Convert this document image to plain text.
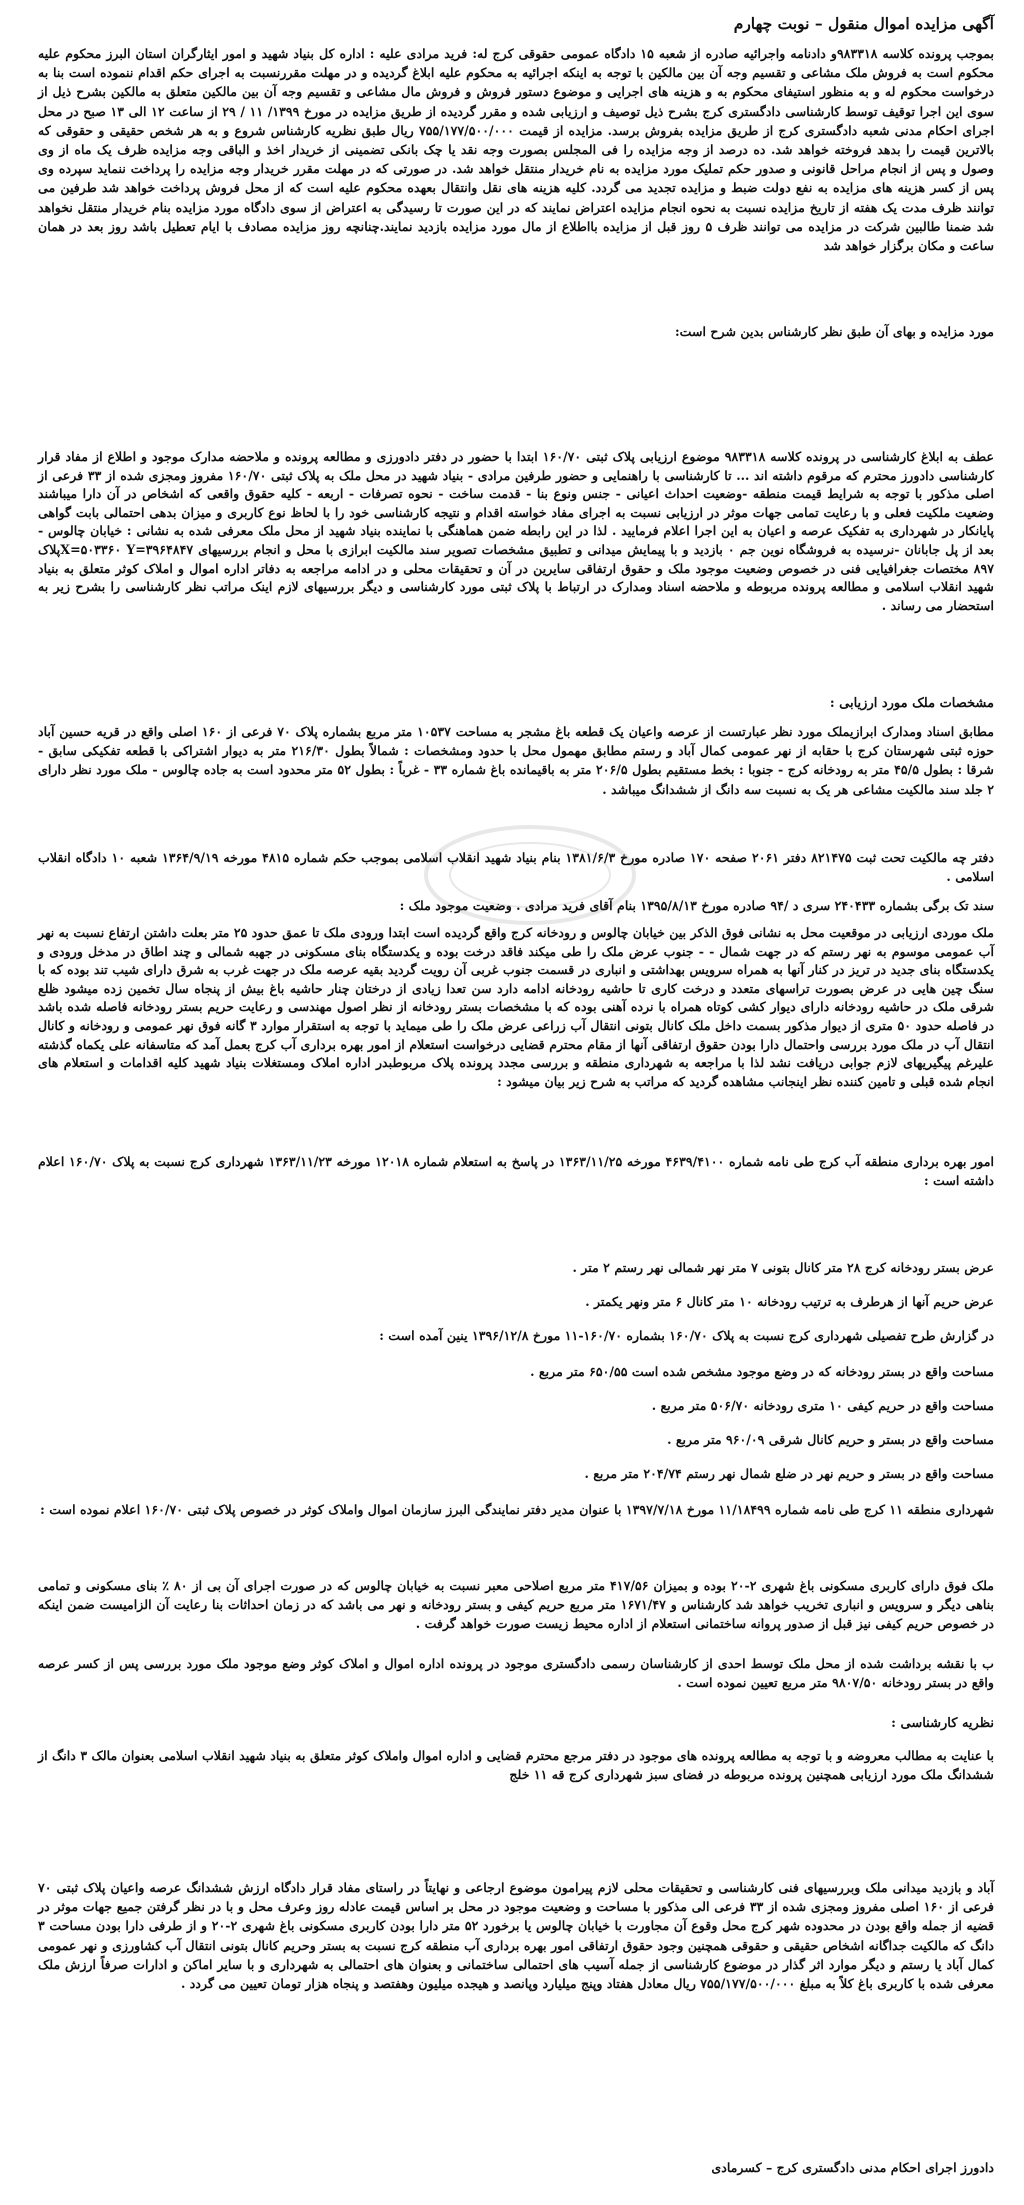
آگهی مزایده اموال منقول – نوبت چهارم
بموجب پرونده کلاسه ۹۸۳۳۱۸و دادنامه واجرائیه صادره از شعبه ۱۵ دادگاه عمومی حقوقی کرج له: فرید مرادی علیه : اداره کل بنیاد شهید و امور ایثارگران استان البرز محکوم علیه محکوم است به فروش ملک مشاعی و تقسیم وجه آن بین مالکین با توجه به اینکه اجرائیه به محکوم علیه ابلاغ گردیده و در مهلت مقررنسبت به اجرای حکم اقدام ننموده است بنا به درخواست محکوم له و به منظور استیفای محکوم به و هزینه های اجرایی و موضوع دستور فروش و فروش مال مشاعی و تقسیم وجه آن بین مالکین متعلق به مالکین بشرح ذیل از سوی این اجرا توقیف توسط کارشناسی دادگستری کرج بشرح ذیل توصیف و ارزیابی شده و مقرر گردیده از طریق مزایده در مورخ ۱۳۹۹/ ۱۱ / ۲۹ از ساعت ۱۲ الی ۱۳ صبح در محل اجرای احکام مدنی شعبه دادگستری کرج از طریق مزایده بفروش برسد. مزایده از قیمت ۷۵۵/۱۷۷/۵۰۰/۰۰۰ ریال طبق نظریه کارشناس شروع و به هر شخص حقیقی و حقوقی که بالاترین قیمت را بدهد فروخته خواهد شد. ده درصد از وجه مزایده را فی المجلس بصورت وجه نقد یا چک بانکی تضمینی از خریدار اخذ و الباقی وجه مزایده ظرف یک ماه از وی وصول و پس از انجام مراحل قانونی و صدور حکم تملیک مورد مزایده به نام خریدار منتقل خواهد شد. در صورتی که در مهلت مقرر خریدار وجه مزایده را پرداخت ننماید سپرده وی پس از کسر هزینه های مزایده به نفع دولت ضبط و مزایده تجدید می گردد. کلیه هزینه های نقل وانتقال بعهده محکوم علیه است که از محل فروش پرداخت خواهد شد طرفین می توانند ظرف مدت یک هفته از تاریخ مزایده نسبت به نحوه انجام مزایده اعتراض نمایند که در این صورت تا رسیدگی به اعتراض از سوی دادگاه مورد مزایده بنام خریدار منتقل نخواهد شد ضمنا طالبین شرکت در مزایده می توانند ظرف ۵ روز قبل از مزایده بااطلاع از مال مورد مزایده بازدید نمایند.چنانچه روز مزایده مصادف با ایام تعطیل باشد روز بعد در همان ساعت و مکان برگزار خواهد شد
مورد مزایده و بهای آن طبق نظر کارشناس بدین شرح است:
عطف به ابلاغ کارشناسی در پرونده کلاسه ۹۸۳۳۱۸ موضوع ارزیابی پلاک ثبتی ۱۶۰/۷۰ ابتدا با حضور در دفتر دادورزی و مطالعه پرونده و ملاحضه مدارک موجود و اطلاع از مفاد قرار کارشناسی دادورز محترم که مرقوم داشته اند ... تا کارشناسی با راهنمایی و حضور طرفین مرادی - بنیاد شهید در محل ملک به پلاک ثبتی ۱۶۰/۷۰ مفروز ومجزی شده از ۳۳ فرعی از اصلی مذکور با توجه به شرایط قیمت منطقه -وضعیت احداث اعیانی - جنس ونوع بنا - قدمت ساخت - نحوه تصرفات - اربعه - کلیه حقوق واقعی که اشخاص در آن دارا میباشند وضعیت ملکیت فعلی و با رعایت تمامی جهات موثر در ارزیابی نسبت به اجرای مفاد خواسته اقدام و نتیجه کارشناسی خود را با لحاظ نوع کاربری و میزان بدهی احتمالی بابت گواهی پایانکار در شهرداری به تفکیک عرصه و اعیان به این اجرا اعلام فرمایید . لذا در این رابطه ضمن هماهنگی با نماینده بنیاد شهید از محل ملک معرفی شده به نشانی : خیابان چالوس - بعد از پل جابانان -نرسیده به فروشگاه نوین جم ۰ بازدید و با پیمایش میدانی و تطبیق مشخصات تصویر سند مالکیت ابرازی با محل و انجام بررسیهای X=۵۰۳۳۶۰ Y=۳۹۶۴۸۴۷پلاک ۸۹۷ مختصات جغرافیایی فنی در خصوص وضعیت موجود ملک و حقوق ارتفاقی سایرین در آن و تحقیقات محلی و در ادامه مراجعه به دفاتر اداره اموال و املاک کوثر متعلق به بنیاد شهید انقلاب اسلامی و مطالعه پرونده مربوطه و ملاحضه اسناد ومدارک در ارتباط با پلاک ثبتی مورد کارشناسی و دیگر بررسیهای لازم اینک مراتب نظر کارشناسی را بشرح زیر به استحضار می رساند .
مشخصات ملک مورد ارزیابی :
مطابق اسناد ومدارک ابرازیملک مورد نظر عبارتست از عرصه واعیان یک قطعه باغ مشجر به مساحت ۱۰۵۳۷ متر مربع بشماره پلاک ۷۰ فرعی از ۱۶۰ اصلی واقع در قریه حسین آباد حوزه ثبتی شهرستان کرج با حقابه از نهر عمومی کمال آباد و رستم مطابق مهمول محل با حدود ومشخصات : شمالاً بطول ۲۱۶/۳۰ متر به دیوار اشتراکی با قطعه تفکیکی سابق - شرقا : بطول ۴۵/۵ متر به رودخانه کرج - جنوبا : بخط مستقیم بطول ۲۰۶/۵ متر به باقیمانده باغ شماره ۳۳ - غرباً : بطول ۵۲ متر محدود است به جاده چالوس - ملک مورد نظر دارای ۲ جلد سند مالکیت مشاعی هر یک به نسبت سه دانگ از ششدانگ میباشد .
دفتر چه مالکیت تحت ثبت ۸۲۱۴۷۵ دفتر ۲۰۶۱ صفحه ۱۷۰ صادره مورخ ۱۳۸۱/۶/۳ بنام بنیاد شهید انقلاب اسلامی بموجب حکم شماره ۴۸۱۵ مورخه ۱۳۶۴/۹/۱۹ شعبه ۱۰ دادگاه انقلاب اسلامی .
سند تک برگی بشماره ۲۴۰۴۳۳ سری د /۹۴ صادره مورخ ۱۳۹۵/۸/۱۳ بنام آقای فرید مرادی . وضعیت موجود ملک :
ملک موردی ارزیابی در موقعیت محل به نشانی فوق الذکر بین خیابان چالوس و رودخانه کرج واقع گردیده است ابتدا ورودی ملک تا عمق حدود ۲۵ متر بعلت داشتن ارتفاع نسبت به نهر آب عمومی موسوم به نهر رستم که در جهت شمال - - جنوب عرض ملک را طی میکند فاقد درخت بوده و یکدستگاه بنای مسکونی در جهبه شمالی و چند اطاق در مدخل ورودی و یکدستگاه بنای جدید در تریز در کنار آنها به همراه سرویس بهداشتی و انباری در قسمت جنوب غربی آن رویت گردید بقیه عرصه ملک در جهت غرب به شرق دارای شیب تند بوده که با سنگ چین هایی در عرض بصورت تراسهای متعدد و درخت کاری تا حاشیه رودخانه ادامه دارد سن تعدا زیادی از درختان چنار حاشیه باغ بیش از پنجاه سال تخمین زده میشود ظلع شرقی ملک در حاشیه رودخانه دارای دیوار کشی کوتاه همراه با نرده آهنی بوده که با مشخصات بستر رودخانه از نظر اصول مهندسی و رعایت حریم بستر رودخانه فاصله شده باشد در فاصله حدود ۵۰ متری از دیوار مذکور بسمت داخل ملک کانال بتونی انتقال آب زراعی عرض ملک را طی میماید با توجه به استقرار موارد ۳ گانه فوق نهر عمومی و رودخانه و کانال انتقال آب در ملک مورد بررسی واحتمال دارا بودن حقوق ارتفاقی آنها از مقام محترم قضایی درخواست استعلام از امور بهره برداری آب کرج بعمل آمد که متاسفانه علی یکماه گذشته علیرغم پیگیریهای لازم جوابی دریافت نشد لذا با مراجعه به شهرداری منطقه و بررسی مجدد پرونده پلاک مربوطبدر اداره املاک ومستغلات بنیاد شهید کلیه اقدامات و استعلام های انجام شده قبلی و تامین کننده نظر اینجانب مشاهده گردید که مراتب به شرح زیر بیان میشود :
امور بهره برداری منطقه آب کرج طی نامه شماره ۴۶۳۹/۴۱۰۰ مورخه ۱۳۶۳/۱۱/۲۵ در پاسخ به استعلام شماره ۱۲۰۱۸ مورخه ۱۳۶۳/۱۱/۲۳ شهرداری کرج نسبت به پلاک ۱۶۰/۷۰ اعلام داشته است :
عرض بستر رودخانه کرج ۲۸ متر کانال بتونی ۷ متر نهر شمالی نهر رستم ۲ متر .
عرض حریم آنها از هرطرف به ترتیب رودخانه ۱۰ متر کانال ۶ متر ونهر یکمتر .
در گزارش طرح تفصیلی شهرداری کرج نسبت به پلاک ۱۶۰/۷۰ بشماره ۱۶۰/۷۰-۱۱ مورخ ۱۳۹۶/۱۲/۸ ینین آمده است :
مساحت واقع در بستر رودخانه که در وضع موجود مشخص شده است ۶۵۰/۵۵ متر مربع .
مساحت واقع در حریم کیفی ۱۰ متری رودخانه ۵۰۶/۷۰ متر مربع .
مساحت واقع در بستر و حریم کانال شرقی ۹۶۰/۰۹ متر مربع .
مساحت واقع در بستر و حریم نهر در ضلع شمال نهر رستم ۲۰۴/۷۴ متر مربع .
شهرداری منطقه ۱۱ کرج طی نامه شماره ۱۱/۱۸۴۹۹ مورخ ۱۳۹۷/۷/۱۸ با عنوان مدیر دفتر نمایندگی البرز سازمان اموال واملاک کوثر در خصوص پلاک ثبتی ۱۶۰/۷۰ اعلام نموده است :
ملک فوق دارای کاربری مسکونی باغ شهری ۲-۲۰ بوده و بمیزان ۴۱۷/۵۶ متر مربع اصلاحی معبر نسبت به خیابان چالوس که در صورت اجرای آن بی از ۸۰ ٪ بنای مسکونی و تمامی بناهی دیگر و سرویس و انباری تخریب خواهد شد کارشناس و ۱۶۷۱/۴۷ متر مربع حریم کیفی و بستر رودخانه و نهر می باشد که در زمان احداثات بنا رعایت آن الزامیست ضمن اینکه در خصوص حریم کیفی نیز قبل از صدور پروانه ساختمانی استعلام از اداره محیط زیست صورت خواهد گرفت .
ب با نقشه برداشت شده از محل ملک توسط احدی از کارشناسان رسمی دادگستری موجود در پرونده اداره اموال و املاک کوثر وضع موجود ملک مورد بررسی پس از کسر عرصه واقع در بستر رودخانه ۹۸۰۷/۵۰ متر مربع تعیین نموده است .
نظریه کارشناسی :
با عنایت به مطالب معروضه و با توجه به مطالعه پرونده های موجود در دفتر مرجع محترم قضایی و اداره اموال واملاک کوثر متعلق به بنیاد شهید انقلاب اسلامی بعنوان مالک ۳ دانگ از ششدانگ ملک مورد ارزیابی همچنین پرونده مربوطه در فضای سبز شهرداری کرج قه ۱۱ خلج
آباد و بازدید میدانی ملک وبررسیهای فنی کارشناسی و تحقیقات محلی لازم پیرامون موضوع ارجاعی و نهایتاً در راستای مفاد قرار دادگاه ارزش ششدانگ عرصه واعیان پلاک ثبتی ۷۰ فرعی از ۱۶۰ اصلی مفروز ومجزی شده از ۳۳ فرعی الی مذکور با مساحت و وضعیت موجود در محل بر اساس قیمت عادله روز وعرف محل و با در نظر گرفتن جمیع جهات موثر در قضیه از جمله واقع بودن در محدوده شهر کرج محل وقوع آن مجاورت با خیابان چالوس یا برخورد ۵۲ متر دارا بودن کاربری مسکونی باغ شهری ۲-۲۰ و از طرفی دارا بودن مساحت ۳ دانگ که مالکیت جداگانه اشخاص حقیقی و حقوقی همچنین وجود حقوق ارتفاقی امور بهره برداری آب منطقه کرج نسبت به بستر وحریم کانال بتونی انتقال آب کشاورزی و نهر عمومی کمال آباد یا رستم و دیگر موارد اثر گذار در موضوع کارشناسی از جمله آسیب های احتمالی ساختمانی و بعنوان های احتمالی به شهرداری و با سایر اماکن و ادارات صرفاً ارزش ملک معرفی شده با کاربری باغ کلاً به مبلغ ۷۵۵/۱۷۷/۵۰۰/۰۰۰ ریال معادل هفتاد وپنج میلیارد وپانصد و هیجده میلیون وهفتصد و پنجاه هزار تومان تعیین می گردد .
دادورز اجرای احکام مدنی دادگستری کرج – کسرمادی
